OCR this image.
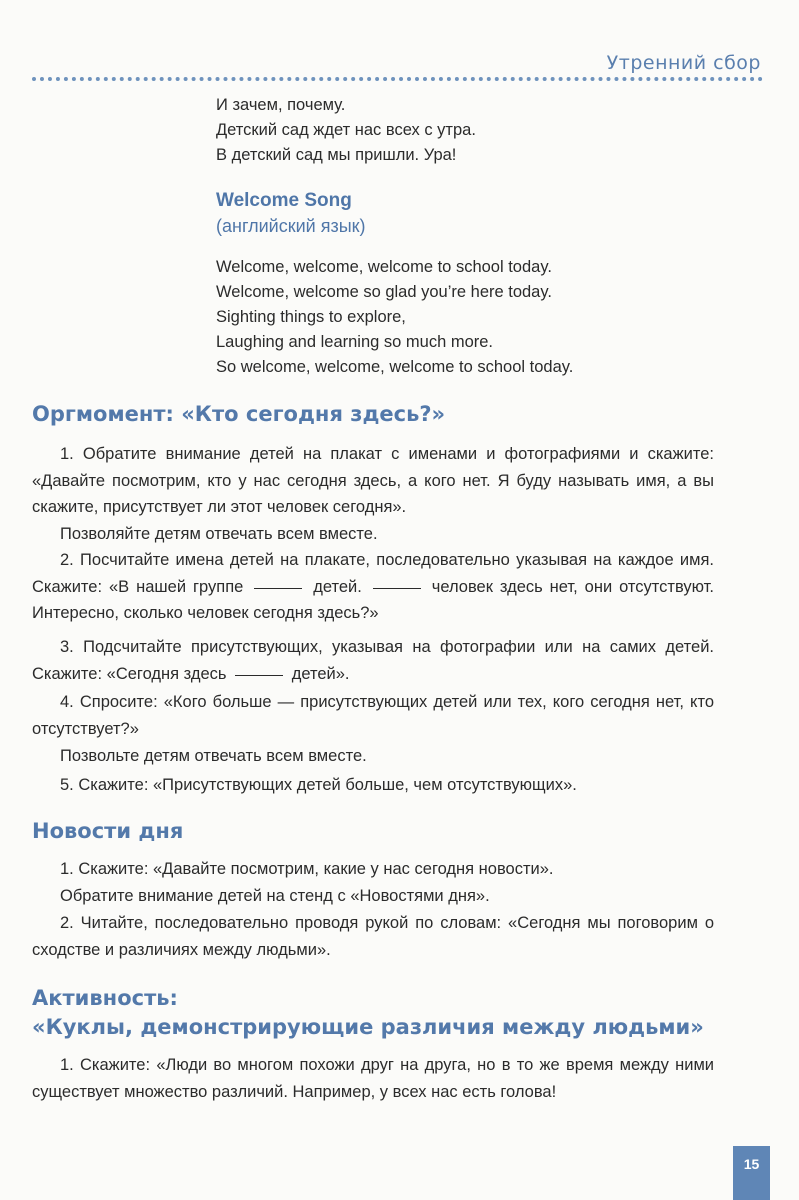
Утренний сбор
И зачем, почему.
Детский сад ждет нас всех с утра.
В детский сад мы пришли. Ура!
Welcome Song
(английский язык)
Welcome, welcome, welcome to school today.
Welcome, welcome so glad you’re here today.
Sighting things to explore,
Laughing and learning so much more.
So welcome, welcome, welcome to school today.
Оргмомент: «Кто сегодня здесь?»
1. Обратите внимание детей на плакат с именами и фотографиями и скажите: «Давайте посмотрим, кто у нас сегодня здесь, а кого нет. Я буду называть имя, а вы скажите, присутствует ли этот человек сегодня».
Позволяйте детям отвечать всем вместе.
2. Посчитайте имена детей на плакате, последовательно указывая на каждое имя. Скажите: «В нашей группе	детей.	человек здесь нет, они отсутствуют. Интересно, сколько человек сегодня здесь?»
3. Подсчитайте присутствующих, указывая на фотографии или на самих детей. Скажите: «Сегодня здесь	детей».
4. Спросите: «Кого больше — присутствующих детей или тех, кого сегодня нет, кто отсутствует?»
Позвольте детям отвечать всем вместе.
5. Скажите: «Присутствующих детей больше, чем отсутствующих».
Новости дня
1. Скажите: «Давайте посмотрим, какие у нас сегодня новости».
Обратите внимание детей на стенд с «Новостями дня».
2. Читайте, последовательно проводя рукой по словам: «Сегодня мы поговорим о сходстве и различиях между людьми».
Активность:
«Куклы, демонстрирующие различия между людьми»
1. Скажите: «Люди во многом похожи друг на друга, но в то же время между ними существует множество различий. Например, у всех нас есть голова!
15
